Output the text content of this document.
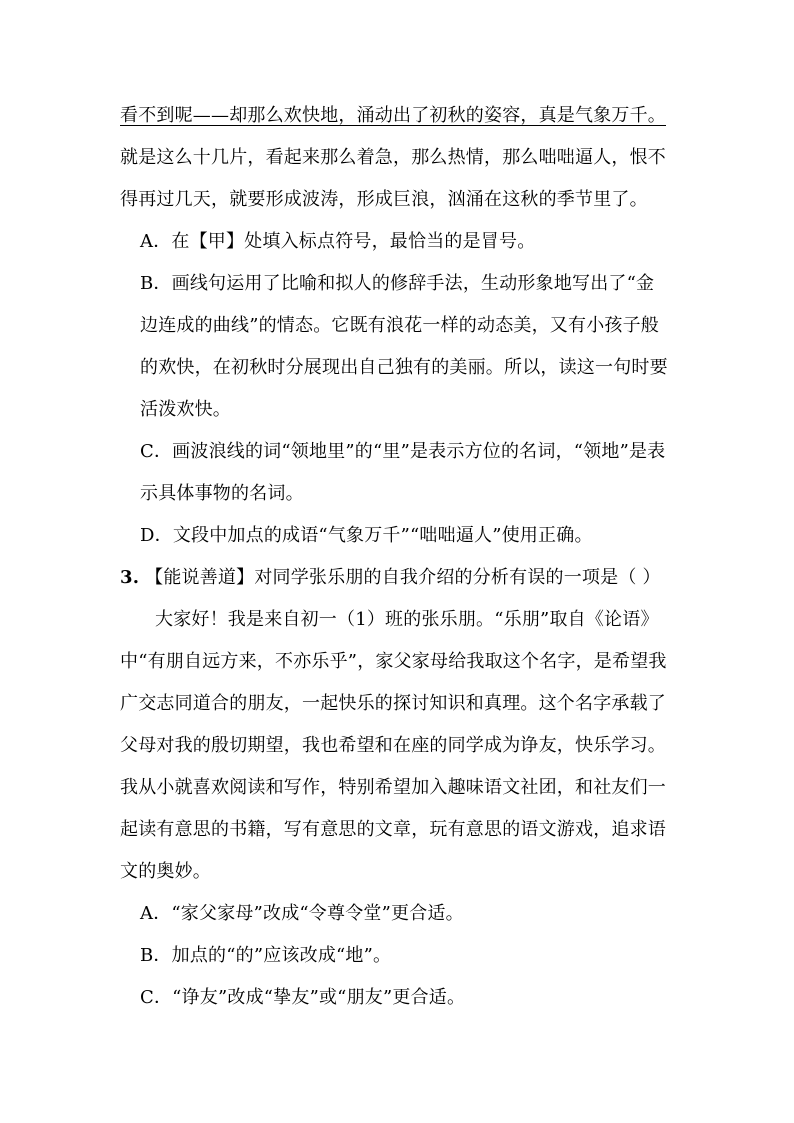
看不到呢——却那么欢快地，涌动出了初秋的姿容，真是气象万千。
就是这么十几片，看起来那么着急，那么热情，那么咄咄逼人，恨不
得再过几天，就要形成波涛，形成巨浪，汹涌在这秋的季节里了。
A．在【甲】处填入标点符号，最恰当的是冒号。
B．画线句运用了比喻和拟人的修辞手法，生动形象地写出了“金
边连成的曲线”的情态。它既有浪花一样的动态美，又有小孩子般
的欢快，在初秋时分展现出自己独有的美丽。所以，读这一句时要
活泼欢快。
C．画波浪线的词“领地里”的“里”是表示方位的名词，“领地”是表
示具体事物的名词。
D．文段中加点的成语“气象万千”“咄咄逼人”使用正确。
3. 【能说善道】对同学张乐朋的自我介绍的分析有误的一项是（ ）
大家好！我是来自初一（1）班的张乐朋。“乐朋”取自《论语》
中“有朋自远方来，不亦乐乎”，家父家母给我取这个名字，是希望我
广交志同道合的朋友，一起快乐的探讨知识和真理。这个名字承载了
父母对我的殷切期望，我也希望和在座的同学成为诤友，快乐学习。
我从小就喜欢阅读和写作，特别希望加入趣味语文社团，和社友们一
起读有意思的书籍，写有意思的文章，玩有意思的语文游戏，追求语
文的奥妙。
A．“家父家母”改成“令尊令堂”更合适。
B．加点的“的”应该改成“地”。
C．“诤友”改成“挚友”或“朋友”更合适。
